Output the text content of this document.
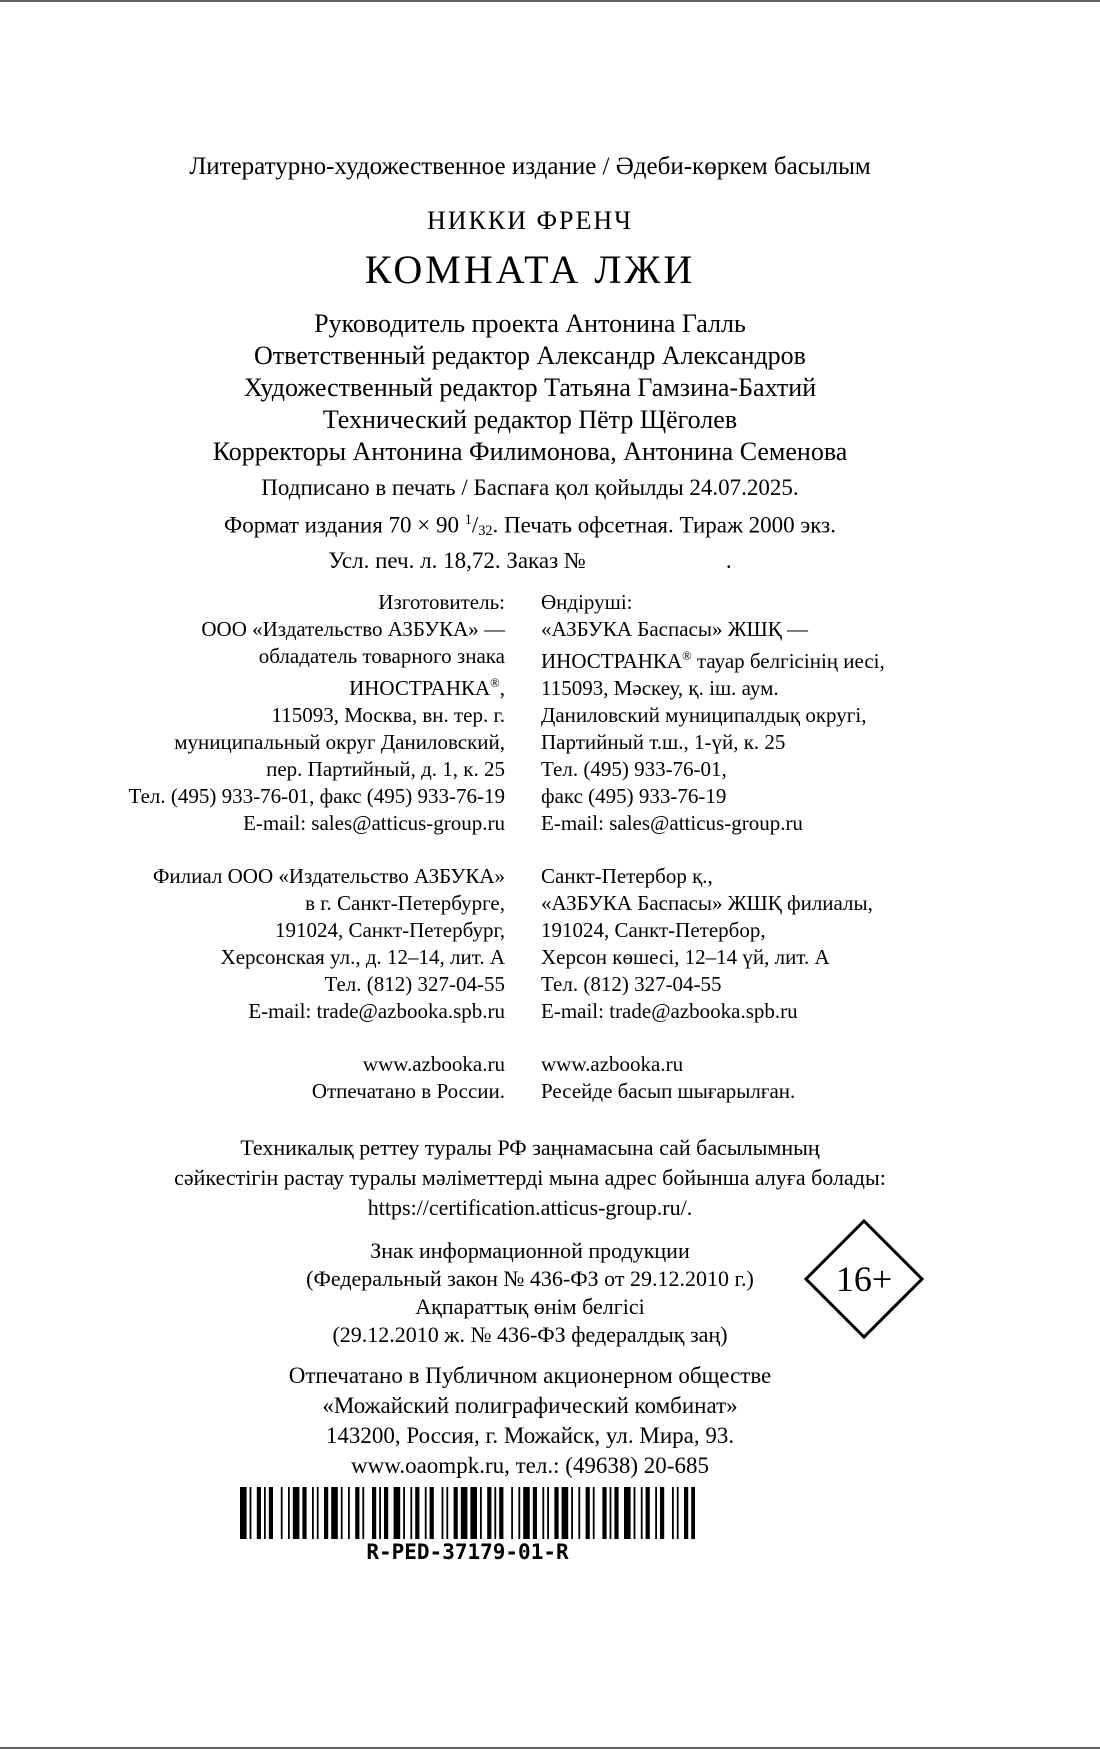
Литературно-художественное издание / Әдеби-көркем басылым
НИККИ ФРЕНЧ
КОМНАТА ЛЖИ
Руководитель проекта Антонина Галль
Ответственный редактор Александр Александров
Художественный редактор Татьяна Гамзина-Бахтий
Технический редактор Пётр Щёголев
Корректоры Антонина Филимонова, Антонина Семенова
Подписано в печать / Баспаға қол қойылды 24.07.2025.
Формат издания 70 × 90 $^1/_{32}$. Печать офсетная. Тираж 2000 экз.
Усл. печ. л. 18,72. Заказ №	.
Изготовитель:
ООО «Издательство АЗБУКА» —
обладатель товарного знака
ИНОСТРАНКА®,
115093, Москва, вн. тер. г.
муниципальный округ Даниловский,
пер. Партийный, д. 1, к. 25
Тел. (495) 933-76-01, факс (495) 933-76-19
E-mail: sales@atticus-group.ru
Филиал ООО «Издательство АЗБУКА»
в г. Санкт-Петербурге,
191024, Санкт-Петербург,
Херсонская ул., д. 12–14, лит. А
Тел. (812) 327-04-55
E-mail: trade@azbooka.spb.ru
www.azbooka.ru
Отпечатано в России.
Өндіруші:
«АЗБУКА Баспасы» ЖШҚ —
ИНОСТРАНКА® тауар белгісінің иесі,
115093, Мәскеу, қ. іш. аум.
Даниловский муниципалдық округі,
Партийный т.ш., 1-үй, к. 25
Тел. (495) 933-76-01,
факс (495) 933-76-19
E-mail: sales@atticus-group.ru
Санкт-Петербор қ.,
«АЗБУКА Баспасы» ЖШҚ филиалы,
191024, Санкт-Петербор,
Херсон көшесі, 12–14 үй, лит. А
Тел. (812) 327-04-55
E-mail: trade@azbooka.spb.ru
www.azbooka.ru
Ресейде басып шығарылған.
Техникалық реттеу туралы РФ заңнамасына сай басылымның
сәйкестігін растау туралы мәліметтерді мына адрес бойынша алуға болады:
https://certification.atticus-group.ru/.
Знак информационной продукции
(Федеральный закон № 436-ФЗ от 29.12.2010 г.)
Ақпараттық өнім белгісі
(29.12.2010 ж. № 436-ФЗ федералдық заң)
Отпечатано в Публичном акционерном обществе
«Можайский полиграфический комбинат»
143200, Россия, г. Можайск, ул. Мира, 93.
www.oaompk.ru, тел.: (49638) 20-685
R-PED-37179-01-R
16+
